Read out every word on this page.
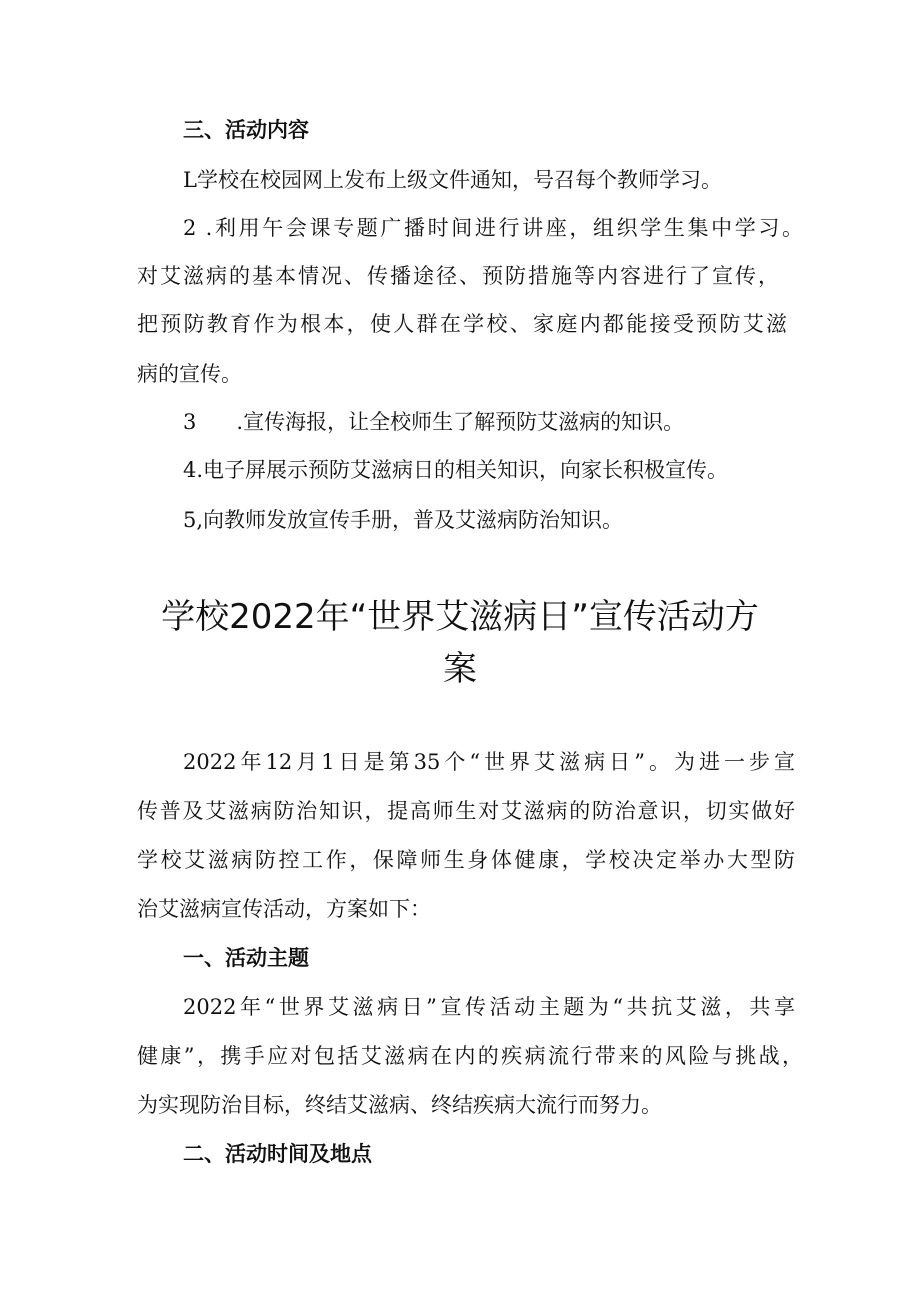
三、活动内容
L学校在校园网上发布上级文件通知，号召每个教师学习。
2 .利用午会课专题广播时间进行讲座，组织学生集中学习。
对艾滋病的基本情况、传播途径、预防措施等内容进行了宣传，
把预防教育作为根本，使人群在学校、家庭内都能接受预防艾滋
病的宣传。
3      .宣传海报，让全校师生了解预防艾滋病的知识。
4.电子屏展示预防艾滋病日的相关知识，向家长积极宣传。
5,向教师发放宣传手册，普及艾滋病防治知识。
学校2022年“世界艾滋病日”宣传活动方
案
2022年12月1日是第35个“世界艾滋病日”。为进一步宣
传普及艾滋病防治知识，提高师生对艾滋病的防治意识，切实做好
学校艾滋病防控工作，保障师生身体健康，学校决定举办大型防
治艾滋病宣传活动，方案如下：
一、活动主题
2022年“世界艾滋病日”宣传活动主题为“共抗艾滋，共享
健康”，携手应对包括艾滋病在内的疾病流行带来的风险与挑战，
为实现防治目标，终结艾滋病、终结疾病大流行而努力。
二、活动时间及地点
